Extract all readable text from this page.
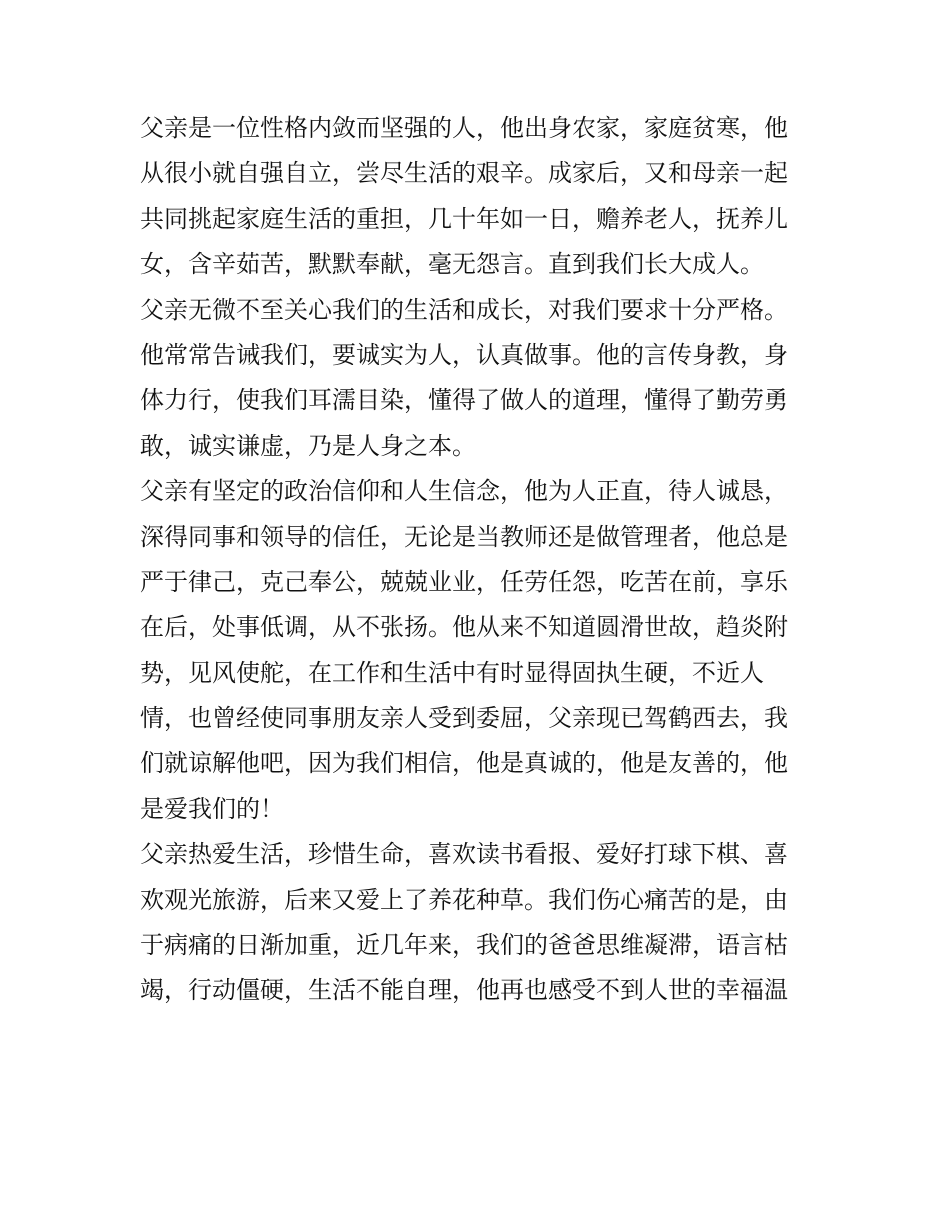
父亲是一位性格内敛而坚强的人，他出身农家，家庭贫寒，他
从很小就自强自立，尝尽生活的艰辛。成家后，又和母亲一起
共同挑起家庭生活的重担，几十年如一日，赡养老人，抚养儿
女，含辛茹苦，默默奉献，毫无怨言。直到我们长大成人。
父亲无微不至关心我们的生活和成长，对我们要求十分严格。
他常常告诫我们，要诚实为人，认真做事。他的言传身教，身
体力行，使我们耳濡目染，懂得了做人的道理，懂得了勤劳勇
敢，诚实谦虚，乃是人身之本。
父亲有坚定的政治信仰和人生信念，他为人正直，待人诚恳，
深得同事和领导的信任，无论是当教师还是做管理者，他总是
严于律己，克己奉公，兢兢业业，任劳任怨，吃苦在前，享乐
在后，处事低调，从不张扬。他从来不知道圆滑世故，趋炎附
势，见风使舵，在工作和生活中有时显得固执生硬，不近人
情，也曾经使同事朋友亲人受到委屈，父亲现已驾鹤西去，我
们就谅解他吧，因为我们相信，他是真诚的，他是友善的，他
是爱我们的！
父亲热爱生活，珍惜生命，喜欢读书看报、爱好打球下棋、喜
欢观光旅游，后来又爱上了养花种草。我们伤心痛苦的是，由
于病痛的日渐加重，近几年来，我们的爸爸思维凝滞，语言枯
竭，行动僵硬，生活不能自理，他再也感受不到人世的幸福温
